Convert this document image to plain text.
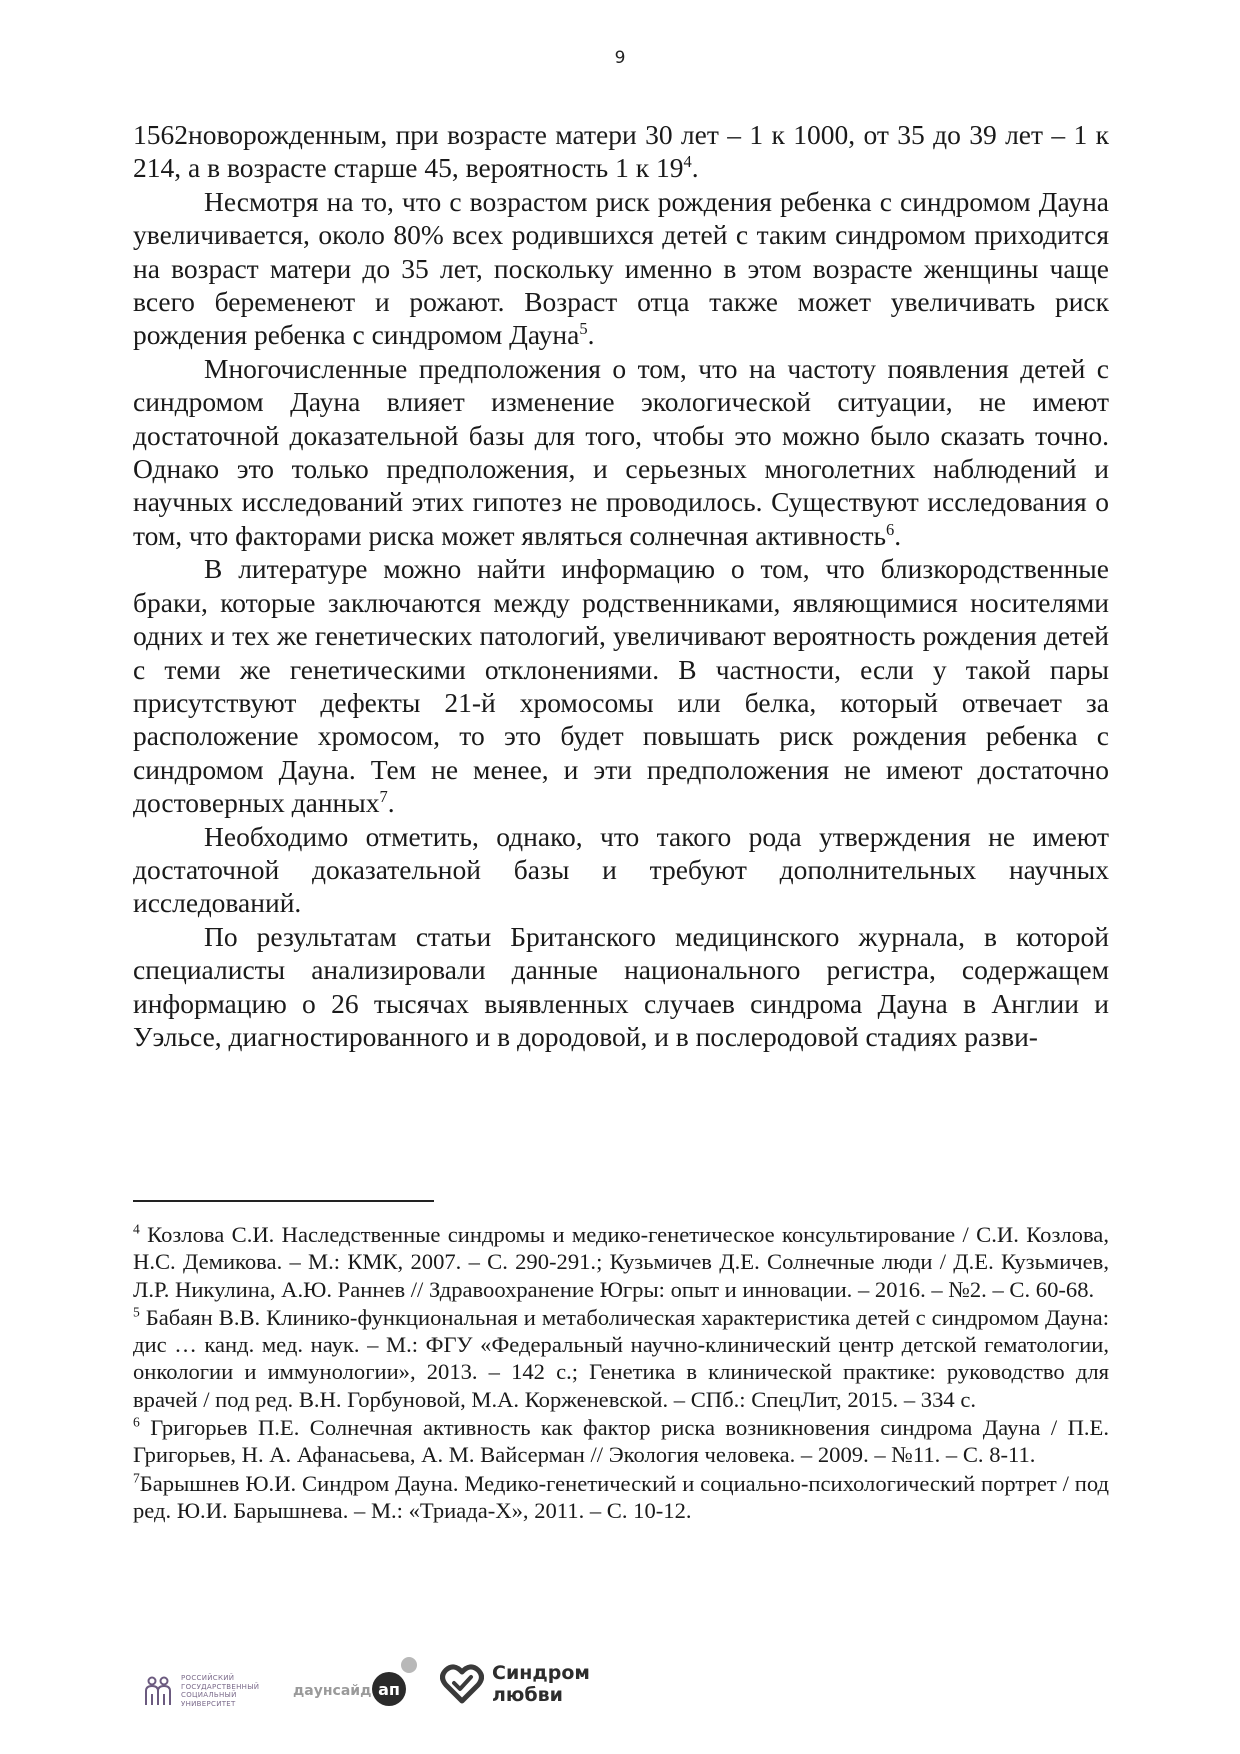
9

1562новорожденным, при возрасте матери 30 лет – 1 к 1000, от 35 до 39 лет – 1 к 214, а в возрасте старше 45, вероятность 1 к $19^4$.

Несмотря на то, что с возрастом риск рождения ребенка с синдромом Дауна увеличивается, около 80% всех родившихся детей с таким синдромом приходится на возраст матери до 35 лет, поскольку именно в этом возрасте женщины чаще всего беременеют и рожают. Возраст отца также может увеличивать риск рождения ребенка с синдромом Дауна$^5$.

Многочисленные предположения о том, что на частоту появления детей с синдромом Дауна влияет изменение экологической ситуации, не имеют достаточной доказательной базы для того, чтобы это можно было сказать точно. Однако это только предположения, и серьезных многолетних наблюдений и научных исследований этих гипотез не проводилось. Существуют исследования о том, что факторами риска может являться солнечная активность$^6$.

В литературе можно найти информацию о том, что близкородственные браки, которые заключаются между родственниками, являющимися носителями одних и тех же генетических патологий, увеличивают вероятность рождения детей с теми же генетическими отклонениями. В частности, если у такой пары присутствуют дефекты 21-й хромосомы или белка, который отвечает за расположение хромосом, то это будет повышать риск рождения ребенка с синдромом Дауна. Тем не менее, и эти предположения не имеют достаточно достоверных данных$^7$.

Необходимо отметить, однако, что такого рода утверждения не имеют достаточной доказательной базы и требуют дополнительных научных исследований.

По результатам статьи Британского медицинского журнала, в которой специалисты анализировали данные национального регистра, содержащем информацию о 26 тысячах выявленных случаев синдрома Дауна в Англии и Уэльсе, диагностированного и в дородовой, и в послеродовой стадиях разви-

$^4$ Козлова С.И. Наследственные синдромы и медико-генетическое консультирование / С.И. Козлова, Н.С. Демикова. – М.: КМК, 2007. – С. 290-291.; Кузьмичев Д.Е. Солнечные люди / Д.Е. Кузьмичев, Л.Р. Никулина, А.Ю. Раннев // Здравоохранение Югры: опыт и инновации. – 2016. – №2. – С. 60-68.

$^5$ Бабаян В.В. Клинико-функциональная и метаболическая характеристика детей с синдромом Дауна: дис … канд. мед. наук. – М.: ФГУ «Федеральный научно-клинический центр детской гематологии, онкологии и иммунологии», 2013. – 142 с.; Генетика в клинической практике: руководство для врачей / под ред. В.Н. Горбуновой, М.А. Корженевской. – СПб.: СпецЛит, 2015. – 334 с.

$^6$ Григорьев П.Е. Солнечная активность как фактор риска возникновения синдрома Дауна / П.Е. Григорьев, Н. А. Афанасьева, А. М. Вайсерман // Экология человека. – 2009. – №11. – С. 8-11.

$^7$Барышнев Ю.И. Синдром Дауна. Медико-генетический и социально-психологический портрет / под ред. Ю.И. Барышнева. – М.: «Триада-Х», 2011. – С. 10-12.

РОССИЙСКИЙ
ГОСУДАРСТВЕННЫЙ
СОЦИАЛЬНЫЙ
УНИВЕРСИТЕТ
даунсайд ап
Синдром
любви
